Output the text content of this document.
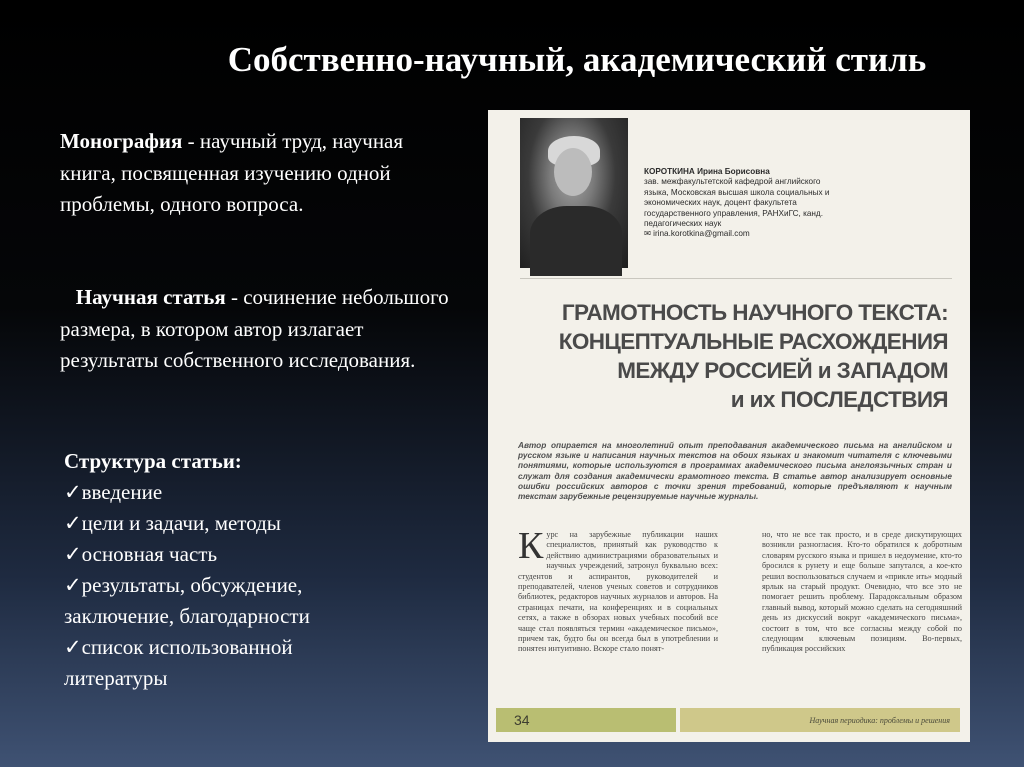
Собственно-научный, академический стиль
Монография - научный труд, научная книга, посвященная изучению одной проблемы, одного вопроса.
Научная статья - сочинение небольшого размера, в котором автор излагает результаты собственного исследования.
Структура статьи:
✓введение
✓цели и задачи, методы
✓основная часть
✓результаты, обсуждение, заключение, благодарности
✓список использованной литературы
КОРОТКИНА Ирина Борисовна
зав. межфакультетской кафедрой английского языка, Московская высшая школа социальных и экономических наук, доцент факультета государственного управления, РАНХиГС, канд. педагогических наук
✉ irina.korotkina@gmail.com
ГРАМОТНОСТЬ НАУЧНОГО ТЕКСТА:
КОНЦЕПТУАЛЬНЫЕ РАСХОЖДЕНИЯ
МЕЖДУ РОССИЕЙ и ЗАПАДОМ
и их ПОСЛЕДСТВИЯ
Автор опирается на многолетний опыт преподавания академического письма на английском и русском языке и написания научных текстов на обоих языках и знакомит читателя с ключевыми понятиями, которые используются в программах академического письма англоязычных стран и служат для создания академически грамотного текста. В статье автор анализирует основные ошибки российских авторов с точки зрения требований, которые предъявляют к научным текстам зарубежные рецензируемые научные журналы.
Курс на зарубежные публикации наших специалистов, принятый как руководство к действию администрациями образовательных и научных учреждений, затронул буквально всех: студентов и аспирантов, руководителей и преподавателей, членов ученых советов и сотрудников библиотек, редакторов научных журналов и авторов. На страницах печати, на конференциях и в социальных сетях, а также в обзорах новых учебных пособий все чаще стал появляться термин «академическое письмо», причем так, будто бы он всегда был в употреблении и понятен интуитивно. Вскоре стало понят-
но, что не все так просто, и в среде дискутирующих возникли разногласия. Кто-то обратился к добротным словарям русского языка и пришел в недоумение, кто-то бросился к рунету и еще больше запутался, а кое-кто решил воспользоваться случаем и «прикле ить» модный ярлык на старый продукт. Очевидно, что все это не помогает решить проблему. Парадоксальным образом главный вывод, который можно сделать на сегодняшний день из дискуссий вокруг «академического письма», состоит в том, что все согласны между собой по следующим ключевым позициям. Во-первых, публикация российских
34	Научная периодика: проблемы и решения
